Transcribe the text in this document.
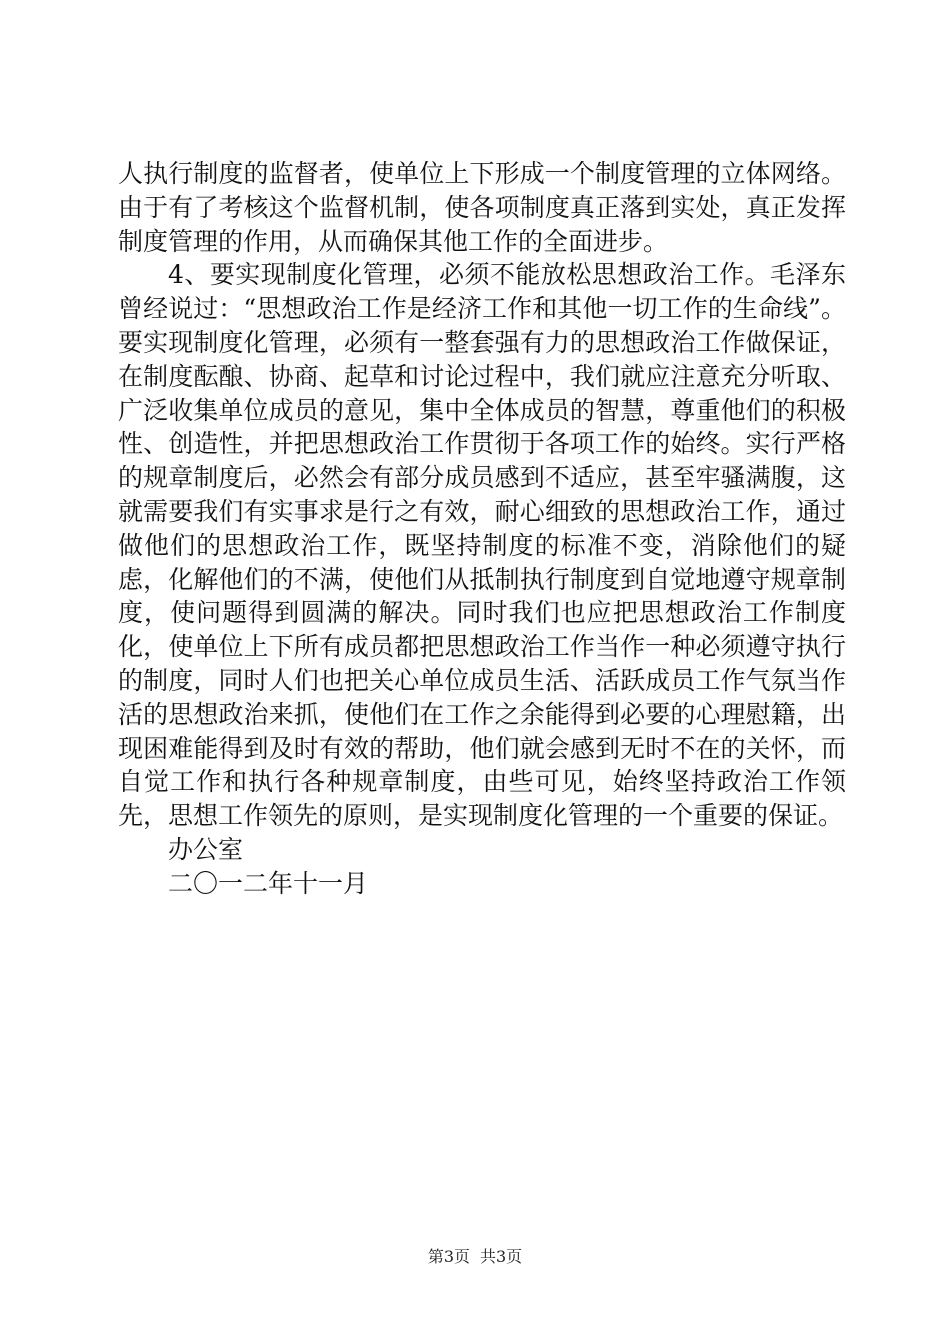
人执行制度的监督者，使单位上下形成一个制度管理的立体网络。由于有了考核这个监督机制，使各项制度真正落到实处，真正发挥制度管理的作用，从而确保其他工作的全面进步。

4、要实现制度化管理，必须不能放松思想政治工作。毛泽东曾经说过：“思想政治工作是经济工作和其他一切工作的生命线”。要实现制度化管理，必须有一整套强有力的思想政治工作做保证，在制度酝酿、协商、起草和讨论过程中，我们就应注意充分听取、广泛收集单位成员的意见，集中全体成员的智慧，尊重他们的积极性、创造性，并把思想政治工作贯彻于各项工作的始终。实行严格的规章制度后，必然会有部分成员感到不适应，甚至牢骚满腹，这就需要我们有实事求是行之有效，耐心细致的思想政治工作，通过做他们的思想政治工作，既坚持制度的标准不变，消除他们的疑虑，化解他们的不满，使他们从抵制执行制度到自觉地遵守规章制度，使问题得到圆满的解决。同时我们也应把思想政治工作制度化，使单位上下所有成员都把思想政治工作当作一种必须遵守执行的制度，同时人们也把关心单位成员生活、活跃成员工作气氛当作活的思想政治来抓，使他们在工作之余能得到必要的心理慰籍，出现困难能得到及时有效的帮助，他们就会感到无时不在的关怀，而自觉工作和执行各种规章制度，由些可见，始终坚持政治工作领先，思想工作领先的原则，是实现制度化管理的一个重要的保证。

办公室

二〇一二年十一月

第3页 共3页
